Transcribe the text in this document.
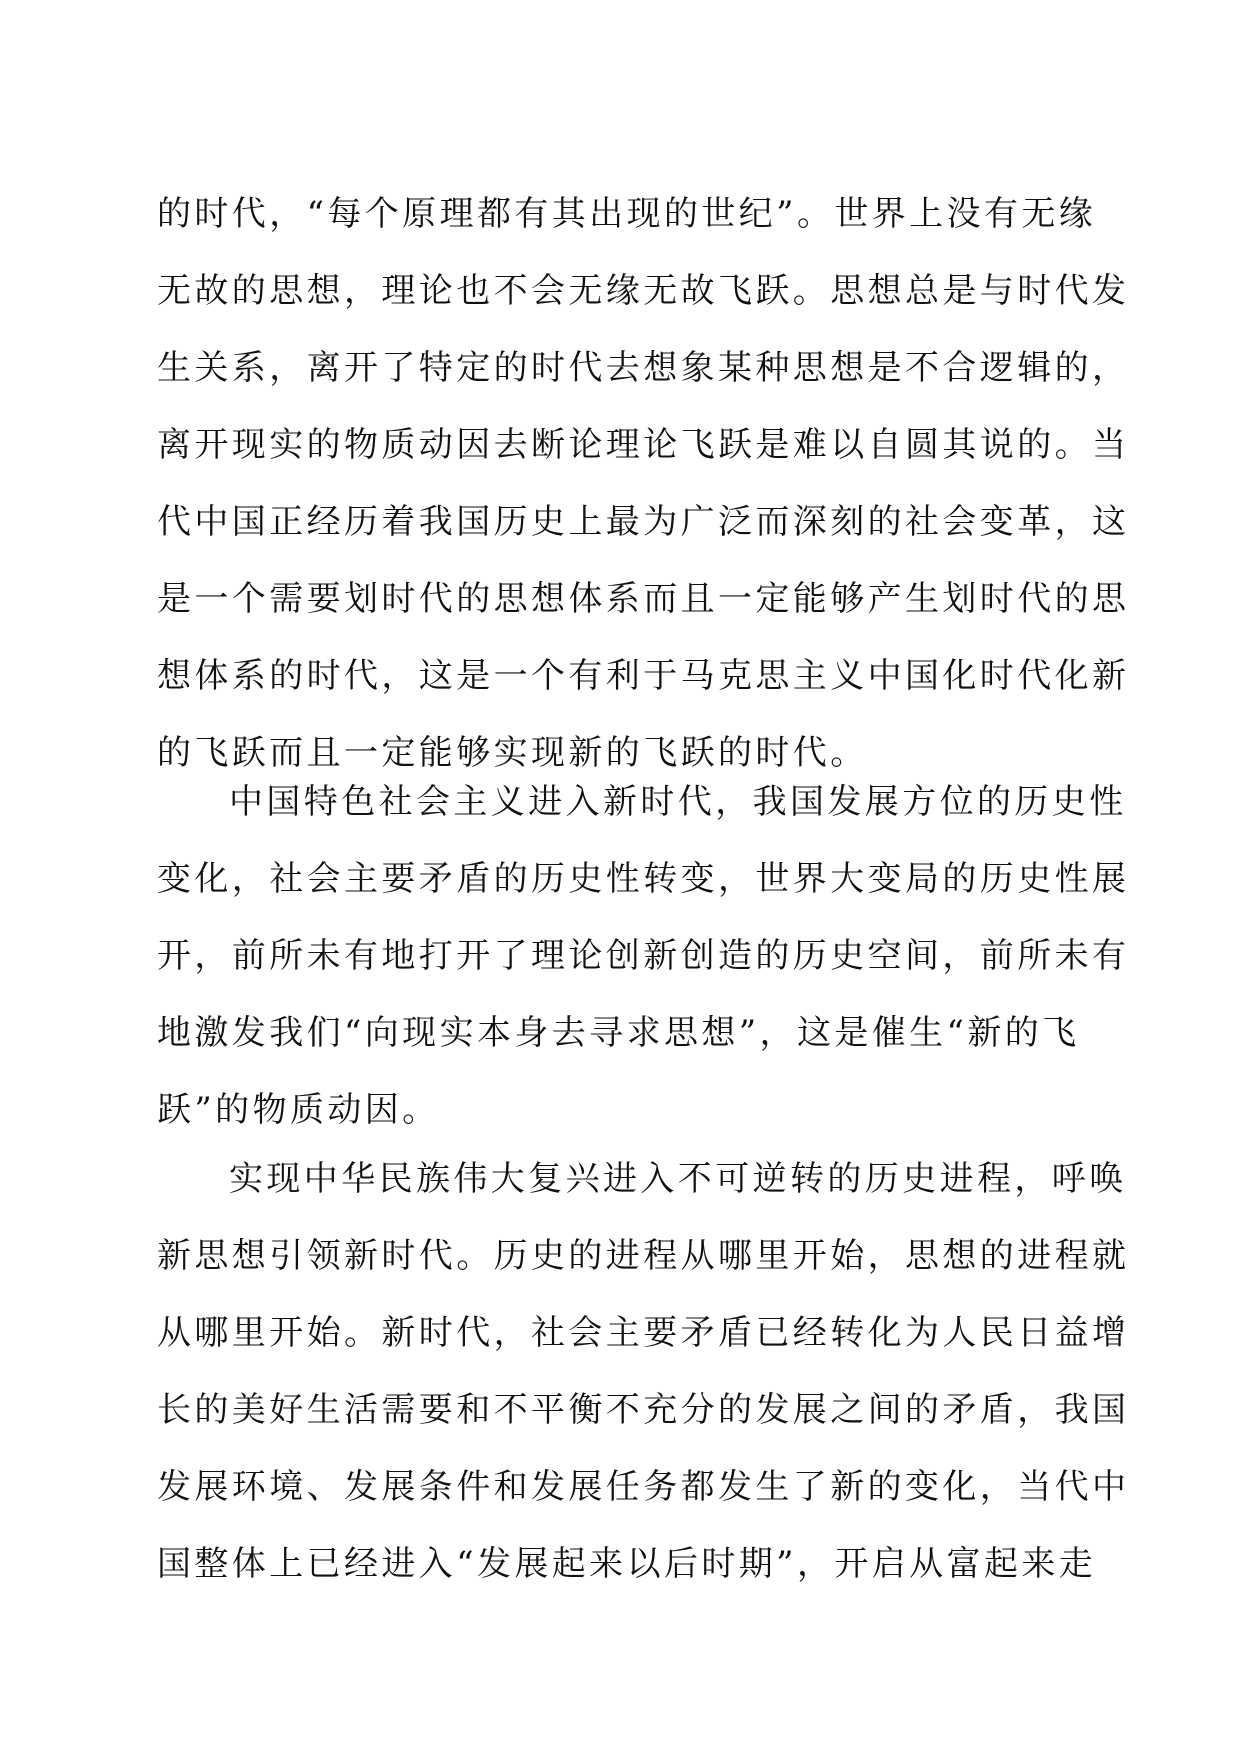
的时代，“每个原理都有其出现的世纪”。世界上没有无缘
无故的思想，理论也不会无缘无故飞跃。思想总是与时代发
生关系，离开了特定的时代去想象某种思想是不合逻辑的，
离开现实的物质动因去断论理论飞跃是难以自圆其说的。当
代中国正经历着我国历史上最为广泛而深刻的社会变革，这
是一个需要划时代的思想体系而且一定能够产生划时代的思
想体系的时代，这是一个有利于马克思主义中国化时代化新
的飞跃而且一定能够实现新的飞跃的时代。
中国特色社会主义进入新时代，我国发展方位的历史性
变化，社会主要矛盾的历史性转变，世界大变局的历史性展
开，前所未有地打开了理论创新创造的历史空间，前所未有
地激发我们“向现实本身去寻求思想”，这是催生“新的飞
跃”的物质动因。
实现中华民族伟大复兴进入不可逆转的历史进程，呼唤
新思想引领新时代。历史的进程从哪里开始，思想的进程就
从哪里开始。新时代，社会主要矛盾已经转化为人民日益增
长的美好生活需要和不平衡不充分的发展之间的矛盾，我国
发展环境、发展条件和发展任务都发生了新的变化，当代中
国整体上已经进入“发展起来以后时期”，开启从富起来走
